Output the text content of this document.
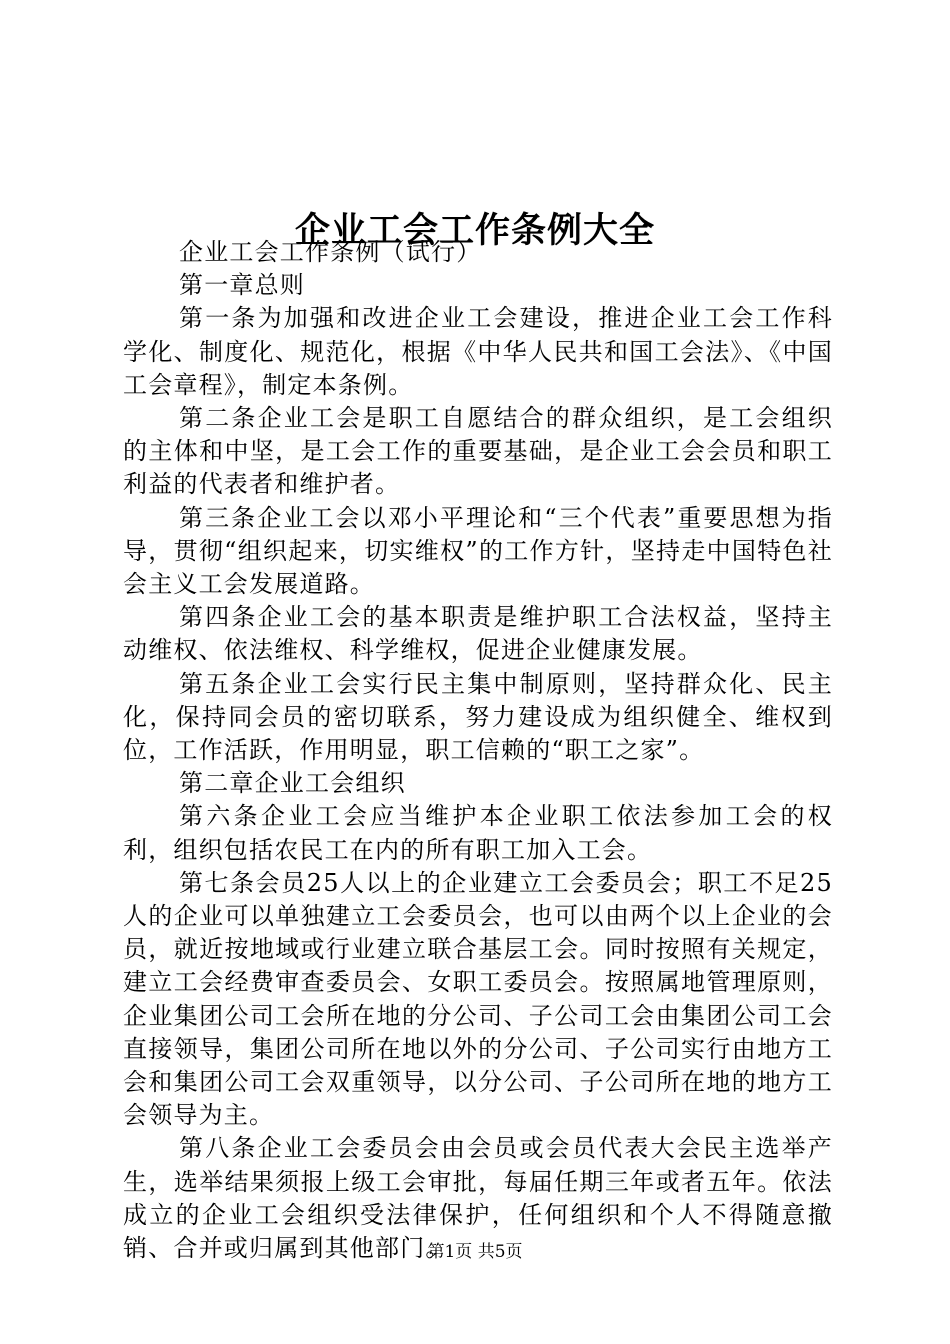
企业工会工作条例大全

企业工会工作条例（试行）

第一章总则

第一条为加强和改进企业工会建设，推进企业工会工作科学化、制度化、规范化，根据《中华人民共和国工会法》、《中国工会章程》，制定本条例。

第二条企业工会是职工自愿结合的群众组织，是工会组织的主体和中坚，是工会工作的重要基础，是企业工会会员和职工利益的代表者和维护者。

第三条企业工会以邓小平理论和“三个代表”重要思想为指导，贯彻“组织起来，切实维权”的工作方针，坚持走中国特色社会主义工会发展道路。

第四条企业工会的基本职责是维护职工合法权益，坚持主动维权、依法维权、科学维权，促进企业健康发展。

第五条企业工会实行民主集中制原则，坚持群众化、民主化，保持同会员的密切联系，努力建设成为组织健全、维权到位，工作活跃，作用明显，职工信赖的“职工之家”。

第二章企业工会组织

第六条企业工会应当维护本企业职工依法参加工会的权利，组织包括农民工在内的所有职工加入工会。

第七条会员25人以上的企业建立工会委员会；职工不足25人的企业可以单独建立工会委员会，也可以由两个以上企业的会员，就近按地域或行业建立联合基层工会。同时按照有关规定，建立工会经费审查委员会、女职工委员会。按照属地管理原则，企业集团公司工会所在地的分公司、子公司工会由集团公司工会直接领导，集团公司所在地以外的分公司、子公司实行由地方工会和集团公司工会双重领导，以分公司、子公司所在地的地方工会领导为主。

第八条企业工会委员会由会员或会员代表大会民主选举产生，选举结果须报上级工会审批，每届任期三年或者五年。依法成立的企业工会组织受法律保护，任何组织和个人不得随意撤销、合并或归属到其他部门。

第1页 共5页
